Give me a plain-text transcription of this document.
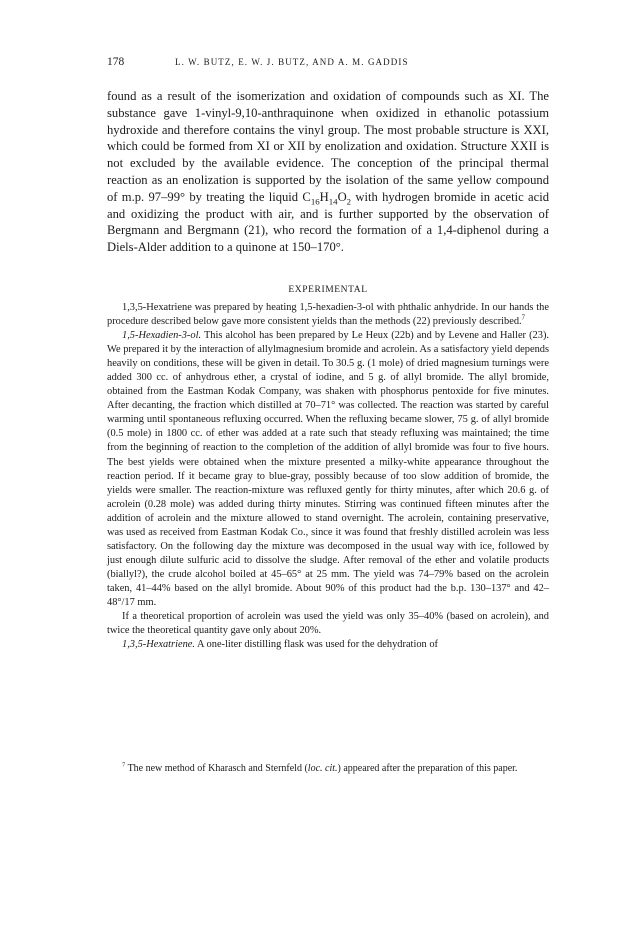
178	L. W. BUTZ, E. W. J. BUTZ, AND A. M. GADDIS

found as a result of the isomerization and oxidation of compounds such as XI. The substance gave 1-vinyl-9,10-anthraquinone when oxidized in ethanolic potassium hydroxide and therefore contains the vinyl group. The most probable structure is XXI, which could be formed from XI or XII by enolization and oxidation. Structure XXII is not excluded by the available evidence. The conception of the principal thermal reaction as an enolization is supported by the isolation of the same yellow compound of m.p. 97–99° by treating the liquid $C_{16}H_{14}O_2$ with hydrogen bromide in acetic acid and oxidizing the product with air, and is further supported by the observation of Bergmann and Bergmann (21), who record the formation of a 1,4-diphenol during a Diels-Alder addition to a quinone at 150–170°.

EXPERIMENTAL

1,3,5-Hexatriene was prepared by heating 1,5-hexadien-3-ol with phthalic anhydride. In our hands the procedure described below gave more consistent yields than the methods (22) previously described.$^7$

1,5-Hexadien-3-ol. This alcohol has been prepared by Le Heux (22b) and by Levene and Haller (23). We prepared it by the interaction of allylmagnesium bromide and acrolein. As a satisfactory yield depends heavily on conditions, these will be given in detail. To 30.5 g. (1 mole) of dried magnesium turnings were added 300 cc. of anhydrous ether, a crystal of iodine, and 5 g. of allyl bromide. The allyl bromide, obtained from the Eastman Kodak Company, was shaken with phosphorus pentoxide for five minutes. After decanting, the fraction which distilled at 70–71° was collected. The reaction was started by careful warming until spontaneous refluxing occurred. When the refluxing became slower, 75 g. of allyl bromide (0.5 mole) in 1800 cc. of ether was added at a rate such that steady refluxing was maintained; the time from the beginning of reaction to the completion of the addition of allyl bromide was four to five hours. The best yields were obtained when the mixture presented a milky-white appearance throughout the reaction period. If it became gray to blue-gray, possibly because of too slow addition of bromide, the yields were smaller. The reaction-mixture was refluxed gently for thirty minutes, after which 20.6 g. of acrolein (0.28 mole) was added during thirty minutes. Stirring was continued fifteen minutes after the addition of acrolein and the mixture allowed to stand overnight. The acrolein, containing preservative, was used as received from Eastman Kodak Co., since it was found that freshly distilled acrolein was less satisfactory. On the following day the mixture was decomposed in the usual way with ice, followed by just enough dilute sulfuric acid to dissolve the sludge. After removal of the ether and volatile products (biallyl?), the crude alcohol boiled at 45–65° at 25 mm. The yield was 74–79% based on the acrolein taken, 41–44% based on the allyl bromide. About 90% of this product had the b.p. 130–137° and 42–48°/17 mm.

If a theoretical proportion of acrolein was used the yield was only 35–40% (based on acrolein), and twice the theoretical quantity gave only about 20%.

1,3,5-Hexatriene. A one-liter distilling flask was used for the dehydration of

$^7$ The new method of Kharasch and Sternfeld (loc. cit.) appeared after the preparation of this paper.
